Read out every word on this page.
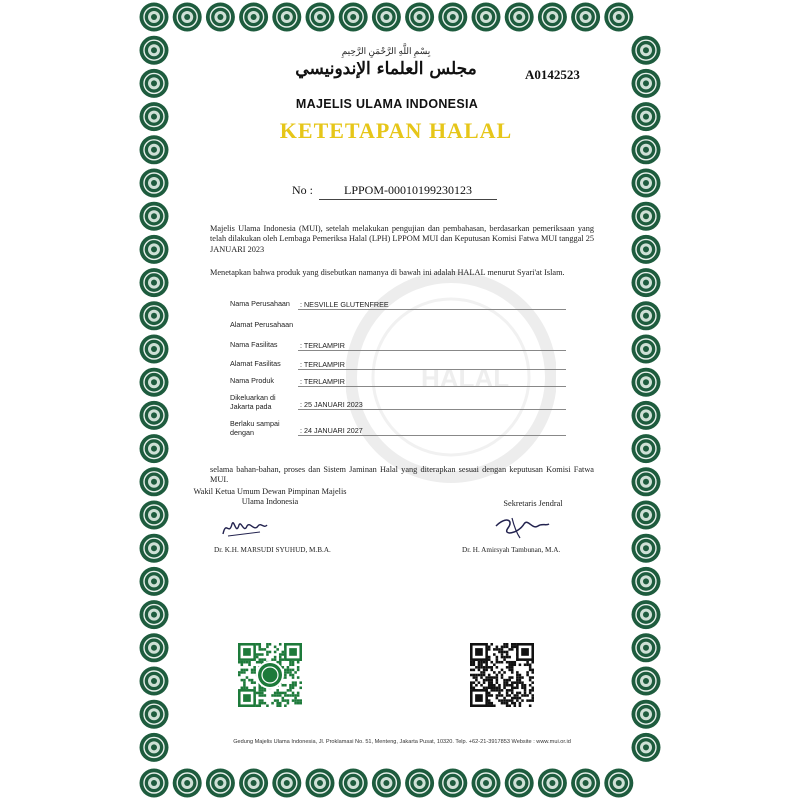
HALAL
بِسْمِ اللَّهِ الرَّحْمَنِ الرَّحِيمِ
مجلس العلماء الإندونيسي
MAJELIS ULAMA INDONESIA
A0142523
KETETAPAN HALAL
No :	LPPOM-00010199230123
Majelis Ulama Indonesia (MUI), setelah melakukan pengujian dan pembahasan, berdasarkan pemeriksaan yang telah dilakukan oleh Lembaga Pemeriksa Halal (LPH) LPPOM MUI dan Keputusan Komisi Fatwa MUI tanggal 25 JANUARI 2023
Menetapkan bahwa produk yang disebutkan namanya di bawah ini adalah HALAL menurut Syari'at Islam.
Nama Perusahaan	: NESVILLE GLUTENFREE
Alamat Perusahaan
Nama Fasilitas	: TERLAMPIR
Alamat Fasilitas	: TERLAMPIR
Nama Produk	: TERLAMPIR
Dikeluarkan di Jakarta pada	: 25 JANUARI 2023
Berlaku sampai dengan	: 24 JANUARI 2027
selama bahan-bahan, proses dan Sistem Jaminan Halal yang diterapkan sesuai dengan keputusan Komisi Fatwa MUI.
Wakil Ketua Umum Dewan Pimpinan Majelis Ulama Indonesia	Sekretaris Jendral
Dr. K.H. MARSUDI SYUHUD, M.B.A.	Dr. H. Amirsyah Tambunan, M.A.
Gedung Majelis Ulama Indonesia, Jl. Proklamasi No. 51, Menteng, Jakarta Pusat, 10320. Telp. +62-21-3917853 Website : www.mui.or.id
